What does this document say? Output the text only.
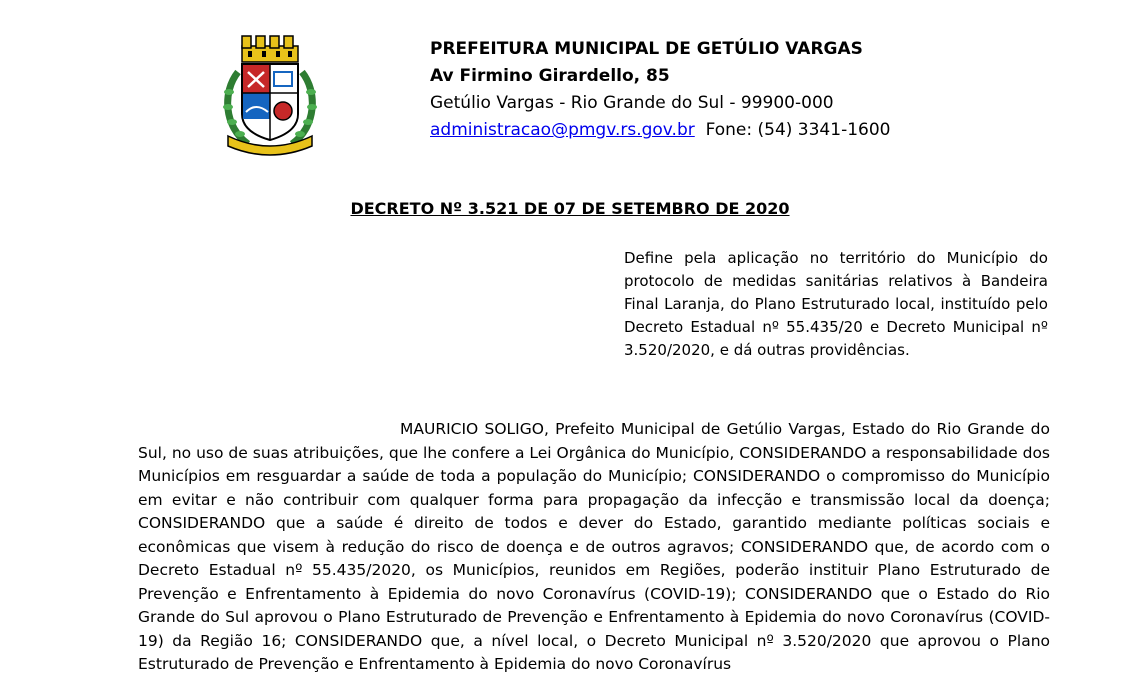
PREFEITURA MUNICIPAL DE GETÚLIO VARGAS
Av Firmino Girardello, 85
Getúlio Vargas - Rio Grande do Sul - 99900-000
administracao@pmgv.rs.gov.br Fone: (54) 3341-1600
DECRETO Nº 3.521 DE 07 DE SETEMBRO DE 2020
Define pela aplicação no território do Município do protocolo de medidas sanitárias relativos à Bandeira Final Laranja, do Plano Estruturado local, instituído pelo Decreto Estadual nº 55.435/20 e Decreto Municipal nº 3.520/2020, e dá outras providências.

MAURICIO SOLIGO, Prefeito Municipal de Getúlio Vargas, Estado do Rio Grande do Sul, no uso de suas atribuições, que lhe confere a Lei Orgânica do Município, CONSIDERANDO a responsabilidade dos Municípios em resguardar a saúde de toda a população do Município; CONSIDERANDO o compromisso do Município em evitar e não contribuir com qualquer forma para propagação da infecção e transmissão local da doença; CONSIDERANDO que a saúde é direito de todos e dever do Estado, garantido mediante políticas sociais e econômicas que visem à redução do risco de doença e de outros agravos; CONSIDERANDO que, de acordo com o Decreto Estadual nº 55.435/2020, os Municípios, reunidos em Regiões, poderão instituir Plano Estruturado de Prevenção e Enfrentamento à Epidemia do novo Coronavírus (COVID-19); CONSIDERANDO que o Estado do Rio Grande do Sul aprovou o Plano Estruturado de Prevenção e Enfrentamento à Epidemia do novo Coronavírus (COVID-19) da Região 16; CONSIDERANDO que, a nível local, o Decreto Municipal nº 3.520/2020 que aprovou o Plano Estruturado de Prevenção e Enfrentamento à Epidemia do novo Coronavírus
